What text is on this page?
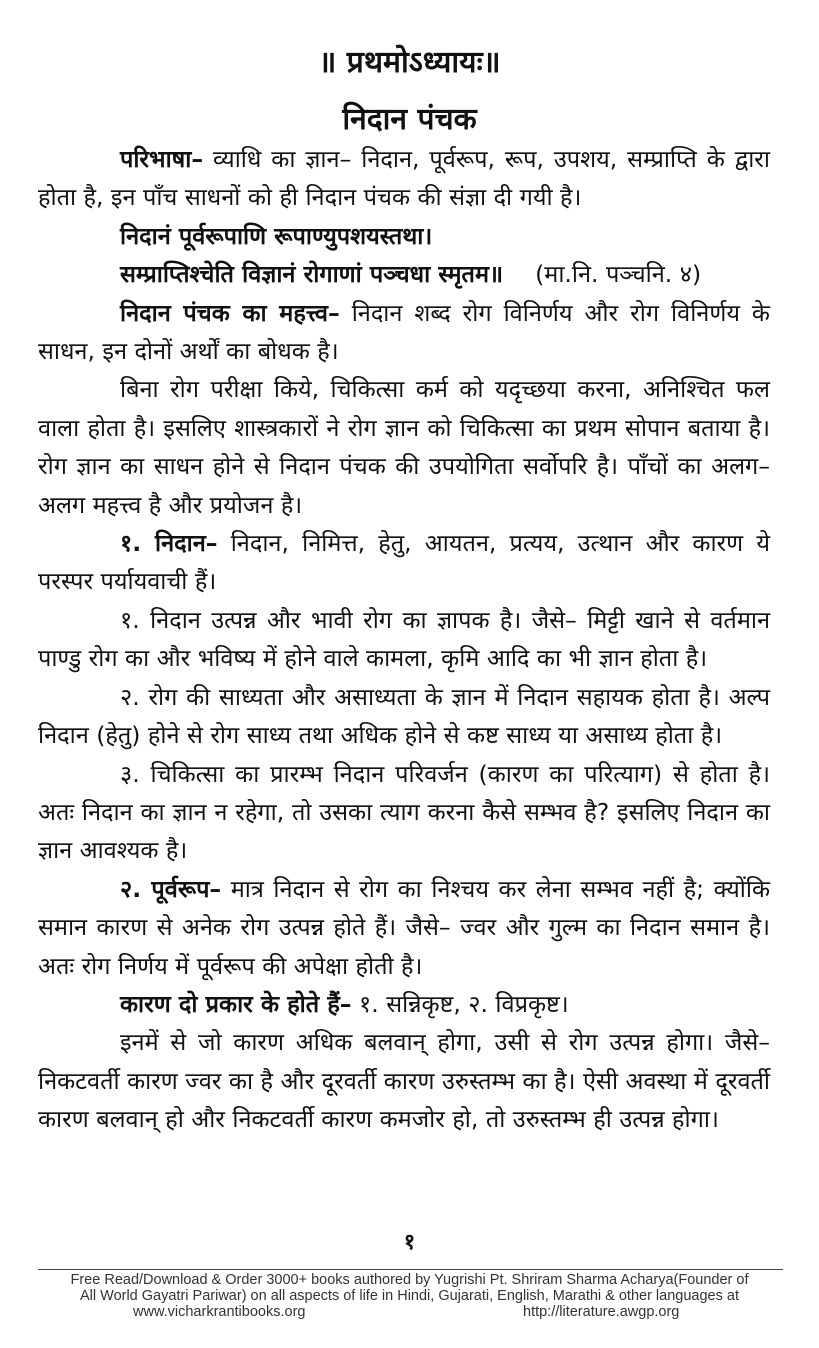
॥ प्रथमोऽध्यायः॥
निदान पंचक

परिभाषा– व्याधि का ज्ञान– निदान, पूर्वरूप, रूप, उपशय, सम्प्राप्ति के द्वारा होता है, इन पाँच साधनों को ही निदान पंचक की संज्ञा दी गयी है।

निदानं पूर्वरूपाणि रूपाण्युपशयस्तथा।

सम्प्राप्तिश्चेति विज्ञानं रोगाणां पञ्चधा स्मृतम॥ (मा.नि. पञ्चनि. ४)

निदान पंचक का महत्त्व– निदान शब्द रोग विनिर्णय और रोग विनिर्णय के साधन, इन दोनों अर्थों का बोधक है।

बिना रोग परीक्षा किये, चिकित्सा कर्म को यदृच्छया करना, अनिश्चित फल वाला होता है। इसलिए शास्त्रकारों ने रोग ज्ञान को चिकित्सा का प्रथम सोपान बताया है। रोग ज्ञान का साधन होने से निदान पंचक की उपयोगिता सर्वोपरि है। पाँचों का अलग–अलग महत्त्व है और प्रयोजन है।

१. निदान– निदान, निमित्त, हेतु, आयतन, प्रत्यय, उत्थान और कारण ये परस्पर पर्यायवाची हैं।

१. निदान उत्पन्न और भावी रोग का ज्ञापक है। जैसे– मिट्टी खाने से वर्तमान पाण्डु रोग का और भविष्य में होने वाले कामला, कृमि आदि का भी ज्ञान होता है।

२. रोग की साध्यता और असाध्यता के ज्ञान में निदान सहायक होता है। अल्प निदान (हेतु) होने से रोग साध्य तथा अधिक होने से कष्ट साध्य या असाध्य होता है।

३. चिकित्सा का प्रारम्भ निदान परिवर्जन (कारण का परित्याग) से होता है। अतः निदान का ज्ञान न रहेगा, तो उसका त्याग करना कैसे सम्भव है? इसलिए निदान का ज्ञान आवश्यक है।

२. पूर्वरूप– मात्र निदान से रोग का निश्चय कर लेना सम्भव नहीं है; क्योंकि समान कारण से अनेक रोग उत्पन्न होते हैं। जैसे– ज्वर और गुल्म का निदान समान है। अतः रोग निर्णय में पूर्वरूप की अपेक्षा होती है।

कारण दो प्रकार के होते हैं– १. सन्निकृष्ट, २. विप्रकृष्ट।

इनमें से जो कारण अधिक बलवान् होगा, उसी से रोग उत्पन्न होगा। जैसे– निकटवर्ती कारण ज्वर का है और दूरवर्ती कारण उरुस्तम्भ का है। ऐसी अवस्था में दूरवर्ती कारण बलवान् हो और निकटवर्ती कारण कमजोर हो, तो उरुस्तम्भ ही उत्पन्न होगा।

१
Free Read/Download & Order 3000+ books authored by Yugrishi Pt. Shriram Sharma Acharya(Founder of
All World Gayatri Pariwar) on all aspects of life in Hindi, Gujarati, English, Marathi & other languages at
www.vicharkrantibooks.org	http://literature.awgp.org
